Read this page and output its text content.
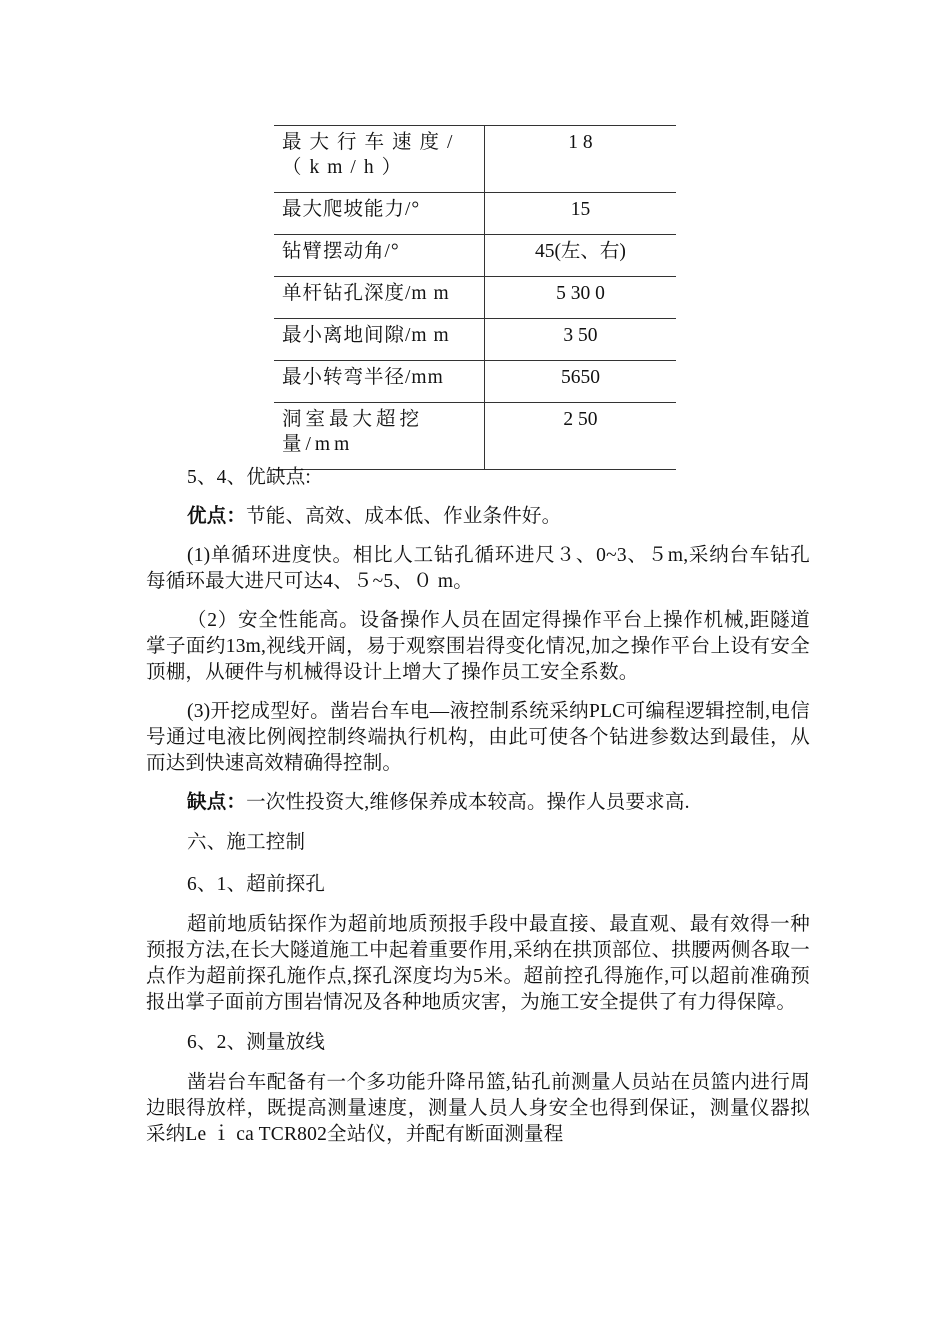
最大行车速度/（km/h）	1 8
最大爬坡能力/°	15
钻臂摆动角/°	45(左、右)
单杆钻孔深度/m m	5 30 0
最小离地间隙/m m	3 50
最小转弯半径/mm	5650
洞室最大超挖量/mm	2 50

5、4、优缺点:

优点：节能、高效、成本低、作业条件好。

(1)单循环进度快。相比人工钻孔循环进尺３、0~3、５m,采纳台车钻孔每循环最大进尺可达4、５~5、０ m。

（2）安全性能高。设备操作人员在固定得操作平台上操作机械,距隧道掌子面约13m,视线开阔，易于观察围岩得变化情况,加之操作平台上设有安全顶棚，从硬件与机械得设计上增大了操作员工安全系数。

(3)开挖成型好。凿岩台车电—液控制系统采纳PLC可编程逻辑控制,电信号通过电液比例阀控制终端执行机构，由此可使各个钻进参数达到最佳，从而达到快速高效精确得控制。

缺点：一次性投资大,维修保养成本较高。操作人员要求高.

六、施工控制

6、1、超前探孔

超前地质钻探作为超前地质预报手段中最直接、最直观、最有效得一种预报方法,在长大隧道施工中起着重要作用,采纳在拱顶部位、拱腰两侧各取一点作为超前探孔施作点,探孔深度均为5米。超前控孔得施作,可以超前准确预报出掌子面前方围岩情况及各种地质灾害，为施工安全提供了有力得保障。

6、2、测量放线

凿岩台车配备有一个多功能升降吊篮,钻孔前测量人员站在员篮内进行周边眼得放样，既提高测量速度，测量人员人身安全也得到保证，测量仪器拟采纳Le ｉ ca TCR802全站仪，并配有断面测量程
